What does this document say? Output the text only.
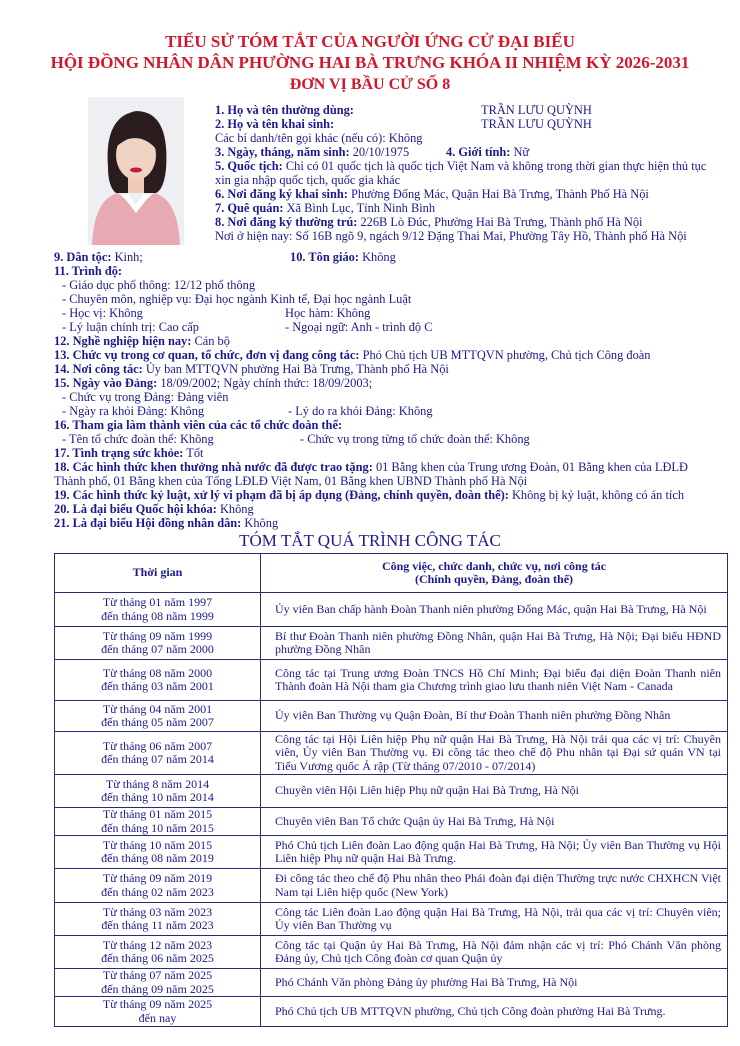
TIỂU SỬ TÓM TẮT CỦA NGƯỜI ỨNG CỬ ĐẠI BIỂU
HỘI ĐỒNG NHÂN DÂN PHƯỜNG HAI BÀ TRƯNG KHÓA II NHIỆM KỲ 2026-2031
ĐƠN VỊ BẦU CỬ SỐ 8
1. Họ và tên thường dùng:	TRẦN LƯU QUỲNH
2. Họ và tên khai sinh:	TRẦN LƯU QUỲNH
Các bí danh/tên gọi khác (nếu có): Không
3. Ngày, tháng, năm sinh: 20/10/1975	4. Giới tính: Nữ
5. Quốc tịch: Chỉ có 01 quốc tịch là quốc tịch Việt Nam và không trong thời gian thực hiện thủ tục
xin gia nhập quốc tịch, quốc gia khác
6. Nơi đăng ký khai sinh: Phường Đống Mác, Quận Hai Bà Trưng, Thành Phố Hà Nội
7. Quê quán: Xã Bình Lục, Tỉnh Ninh Bình
8. Nơi đăng ký thường trú: 226B Lò Đúc, Phường Hai Bà Trưng, Thành phố Hà Nội
Nơi ở hiện nay: Số 16B ngõ 9, ngách 9/12 Đặng Thai Mai, Phường Tây Hồ, Thành phố Hà Nội
9. Dân tộc: Kinh;	10. Tôn giáo: Không
11. Trình độ:
- Giáo dục phổ thông: 12/12 phổ thông
- Chuyên môn, nghiệp vụ: Đại học ngành Kinh tế, Đại học ngành Luật
- Học vị: Không	Học hàm: Không
- Lý luận chính trị: Cao cấp	- Ngoại ngữ: Anh - trình độ C
12. Nghề nghiệp hiện nay: Cán bộ
13. Chức vụ trong cơ quan, tổ chức, đơn vị đang công tác: Phó Chủ tịch UB MTTQVN phường, Chủ tịch Công đoàn
14. Nơi công tác: Ủy ban MTTQVN phường Hai Bà Trưng, Thành phố Hà Nội
15. Ngày vào Đảng: 18/09/2002; Ngày chính thức: 18/09/2003;
- Chức vụ trong Đảng: Đảng viên
- Ngày ra khỏi Đảng: Không	- Lý do ra khỏi Đảng: Không
16. Tham gia làm thành viên của các tổ chức đoàn thể:
- Tên tổ chức đoàn thể: Không	- Chức vụ trong từng tổ chức đoàn thể: Không
17. Tình trạng sức khỏe: Tốt
18. Các hình thức khen thưởng nhà nước đã được trao tặng: 01 Bằng khen của Trung ương Đoàn, 01 Bằng khen của LĐLĐ
Thành phố, 01 Bằng khen của Tổng LĐLĐ Việt Nam, 01 Bằng khen UBND Thành phố Hà Nội
19. Các hình thức kỷ luật, xử lý vi phạm đã bị áp dụng (Đảng, chính quyền, đoàn thể): Không bị kỷ luật, không có án tích
20. Là đại biểu Quốc hội khóa: Không
21. Là đại biểu Hội đồng nhân dân: Không
TÓM TẮT QUÁ TRÌNH CÔNG TÁC
Thời gian	Công việc, chức danh, chức vụ, nơi công tác
(Chính quyền, Đảng, đoàn thể)
Từ tháng 01 năm 1997
đến tháng 08 năm 1999	Ủy viên Ban chấp hành Đoàn Thanh niên phường Đống Mác, quận Hai Bà Trưng, Hà Nội
Từ tháng 09 năm 1999
đến tháng 07 năm 2000	Bí thư Đoàn Thanh niên phường Đồng Nhân, quận Hai Bà Trưng, Hà Nội; Đại biểu HĐND phường Đồng Nhân
Từ tháng 08 năm 2000
đến tháng 03 năm 2001	Công tác tại Trung ương Đoàn TNCS Hồ Chí Minh; Đại biểu đại diện Đoàn Thanh niên Thành đoàn Hà Nội tham gia Chương trình giao lưu thanh niên Việt Nam - Canada
Từ tháng 04 năm 2001
đến tháng 05 năm 2007	Ủy viên Ban Thường vụ Quận Đoàn, Bí thư Đoàn Thanh niên phường Đồng Nhân
Từ tháng 06 năm 2007
đến tháng 07 năm 2014	Công tác tại Hội Liên hiệp Phụ nữ quận Hai Bà Trưng, Hà Nội trải qua các vị trí: Chuyên viên, Ủy viên Ban Thường vụ. Đi công tác theo chế độ Phu nhân tại Đại sứ quán VN tại Tiểu Vương quốc Ả rập (Từ tháng 07/2010 - 07/2014)
Từ tháng 8 năm 2014
đến tháng 10 năm 2014	Chuyên viên Hội Liên hiệp Phụ nữ quận Hai Bà Trưng, Hà Nội
Từ tháng 01 năm 2015
đến tháng 10 năm 2015	Chuyên viên Ban Tổ chức Quận ủy Hai Bà Trưng, Hà Nội
Từ tháng 10 năm 2015
đến tháng 08 năm 2019	Phó Chủ tịch Liên đoàn Lao động quận Hai Bà Trưng, Hà Nội; Ủy viên Ban Thường vụ Hội Liên hiệp Phụ nữ quận Hai Bà Trưng.
Từ tháng 09 năm 2019
đến tháng 02 năm 2023	Đi công tác theo chế độ Phu nhân theo Phái đoàn đại diện Thường trực nước CHXHCN Việt Nam tại Liên hiệp quốc (New York)
Từ tháng 03 năm 2023
đến tháng 11 năm 2023	Công tác Liên đoàn Lao động quận Hai Bà Trưng, Hà Nội, trải qua các vị trí: Chuyên viên; Ủy viên Ban Thường vụ
Từ tháng 12 năm 2023
đến tháng 06 năm 2025	Công tác tại Quận ủy Hai Bà Trưng, Hà Nội đảm nhận các vị trí: Phó Chánh Văn phòng Đảng ủy, Chủ tịch Công đoàn cơ quan Quận ủy
Từ tháng 07 năm 2025
đến tháng 09 năm 2025	Phó Chánh Văn phòng Đảng ủy phường Hai Bà Trưng, Hà Nội
Từ tháng 09 năm 2025
đến nay	Phó Chủ tịch UB MTTQVN phường, Chủ tịch Công đoàn phường Hai Bà Trưng.
